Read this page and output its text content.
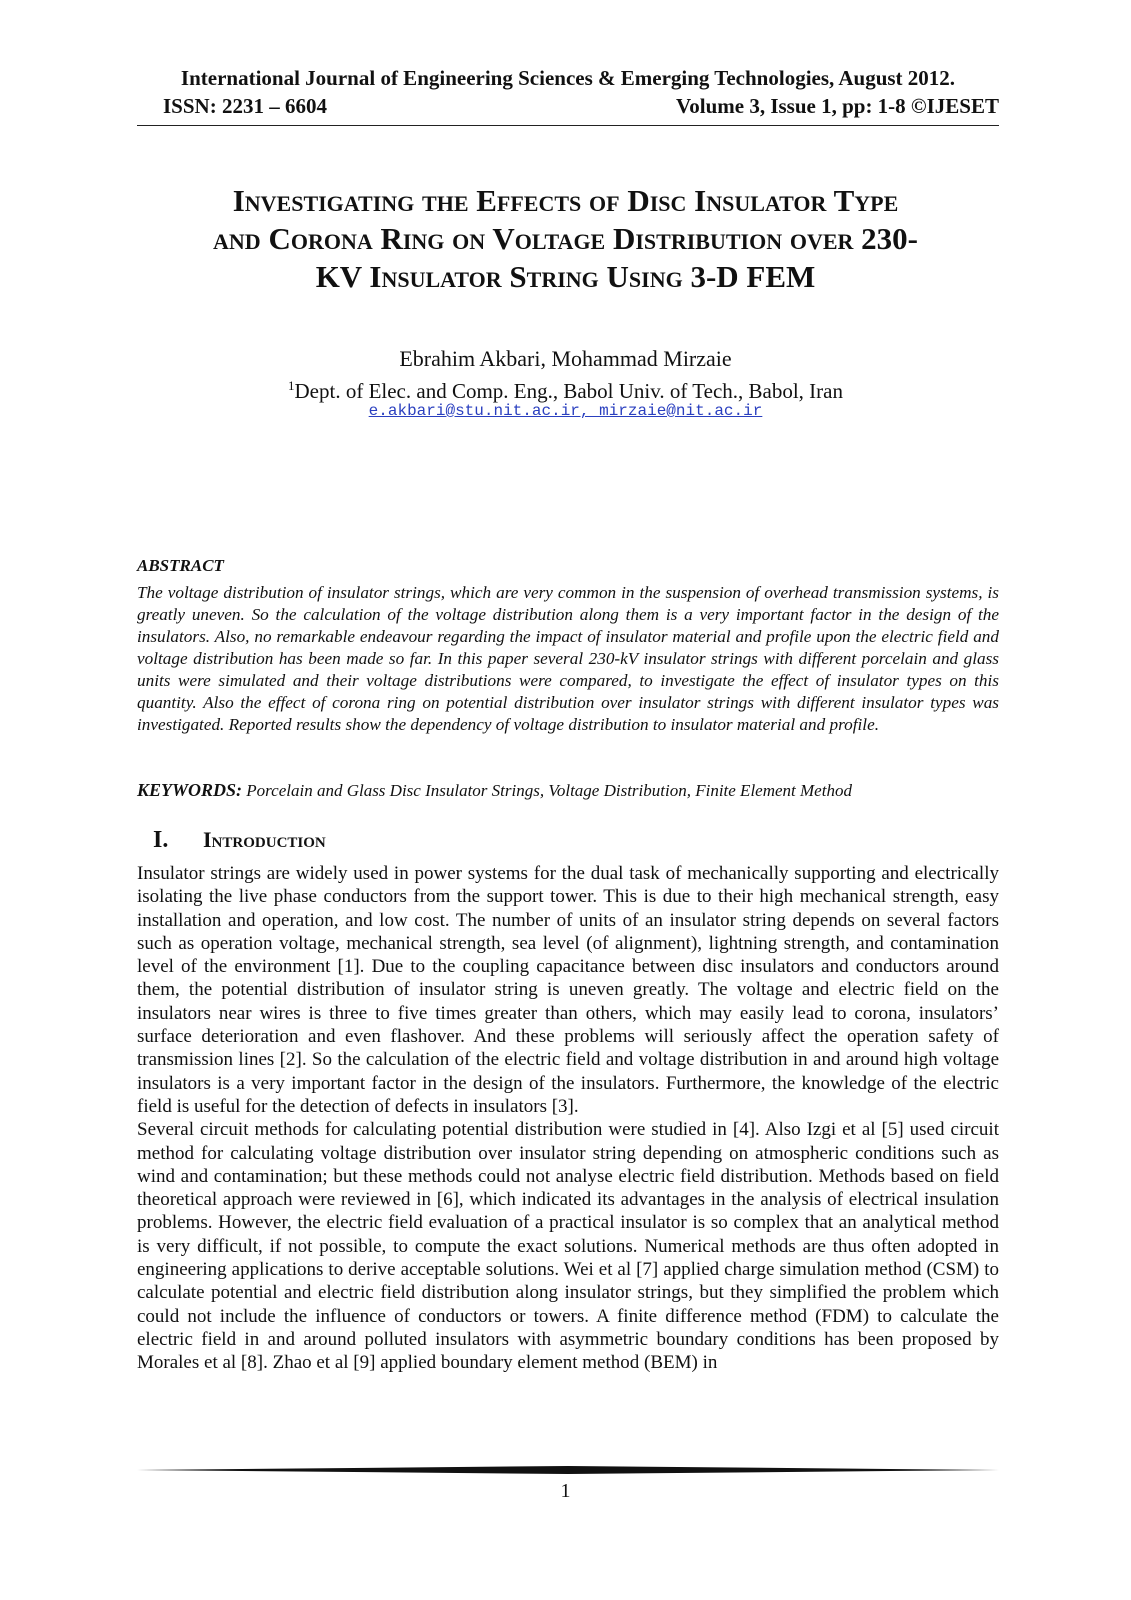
International Journal of Engineering Sciences & Emerging Technologies, August 2012.
ISSN: 2231 – 6604	Volume 3, Issue 1, pp: 1-8 ©IJESET
Investigating the Effects of Disc Insulator Type
and Corona Ring on Voltage Distribution over 230-
KV Insulator String Using 3-D FEM
Ebrahim Akbari, Mohammad Mirzaie
$^1$Dept. of Elec. and Comp. Eng., Babol Univ. of Tech., Babol, Iran
e.akbari@stu.nit.ac.ir, mirzaie@nit.ac.ir
ABSTRACT
The voltage distribution of insulator strings, which are very common in the suspension of overhead transmission systems, is greatly uneven. So the calculation of the voltage distribution along them is a very important factor in the design of the insulators. Also, no remarkable endeavour regarding the impact of insulator material and profile upon the electric field and voltage distribution has been made so far. In this paper several 230-kV insulator strings with different porcelain and glass units were simulated and their voltage distributions were compared, to investigate the effect of insulator types on this quantity. Also the effect of corona ring on potential distribution over insulator strings with different insulator types was investigated. Reported results show the dependency of voltage distribution to insulator material and profile.
KEYWORDS: Porcelain and Glass Disc Insulator Strings, Voltage Distribution, Finite Element Method
I. Introduction

Insulator strings are widely used in power systems for the dual task of mechanically supporting and electrically isolating the live phase conductors from the support tower. This is due to their high mechanical strength, easy installation and operation, and low cost. The number of units of an insulator string depends on several factors such as operation voltage, mechanical strength, sea level (of alignment), lightning strength, and contamination level of the environment [1]. Due to the coupling capacitance between disc insulators and conductors around them, the potential distribution of insulator string is uneven greatly. The voltage and electric field on the insulators near wires is three to five times greater than others, which may easily lead to corona, insulators’ surface deterioration and even flashover. And these problems will seriously affect the operation safety of transmission lines [2]. So the calculation of the electric field and voltage distribution in and around high voltage insulators is a very important factor in the design of the insulators. Furthermore, the knowledge of the electric field is useful for the detection of defects in insulators [3].

Several circuit methods for calculating potential distribution were studied in [4]. Also Izgi et al [5] used circuit method for calculating voltage distribution over insulator string depending on atmospheric conditions such as wind and contamination; but these methods could not analyse electric field distribution. Methods based on field theoretical approach were reviewed in [6], which indicated its advantages in the analysis of electrical insulation problems. However, the electric field evaluation of a practical insulator is so complex that an analytical method is very difficult, if not possible, to compute the exact solutions. Numerical methods are thus often adopted in engineering applications to derive acceptable solutions. Wei et al [7] applied charge simulation method (CSM) to calculate potential and electric field distribution along insulator strings, but they simplified the problem which could not include the influence of conductors or towers. A finite difference method (FDM) to calculate the electric field in and around polluted insulators with asymmetric boundary conditions has been proposed by Morales et al [8]. Zhao et al [9] applied boundary element method (BEM) in

1
